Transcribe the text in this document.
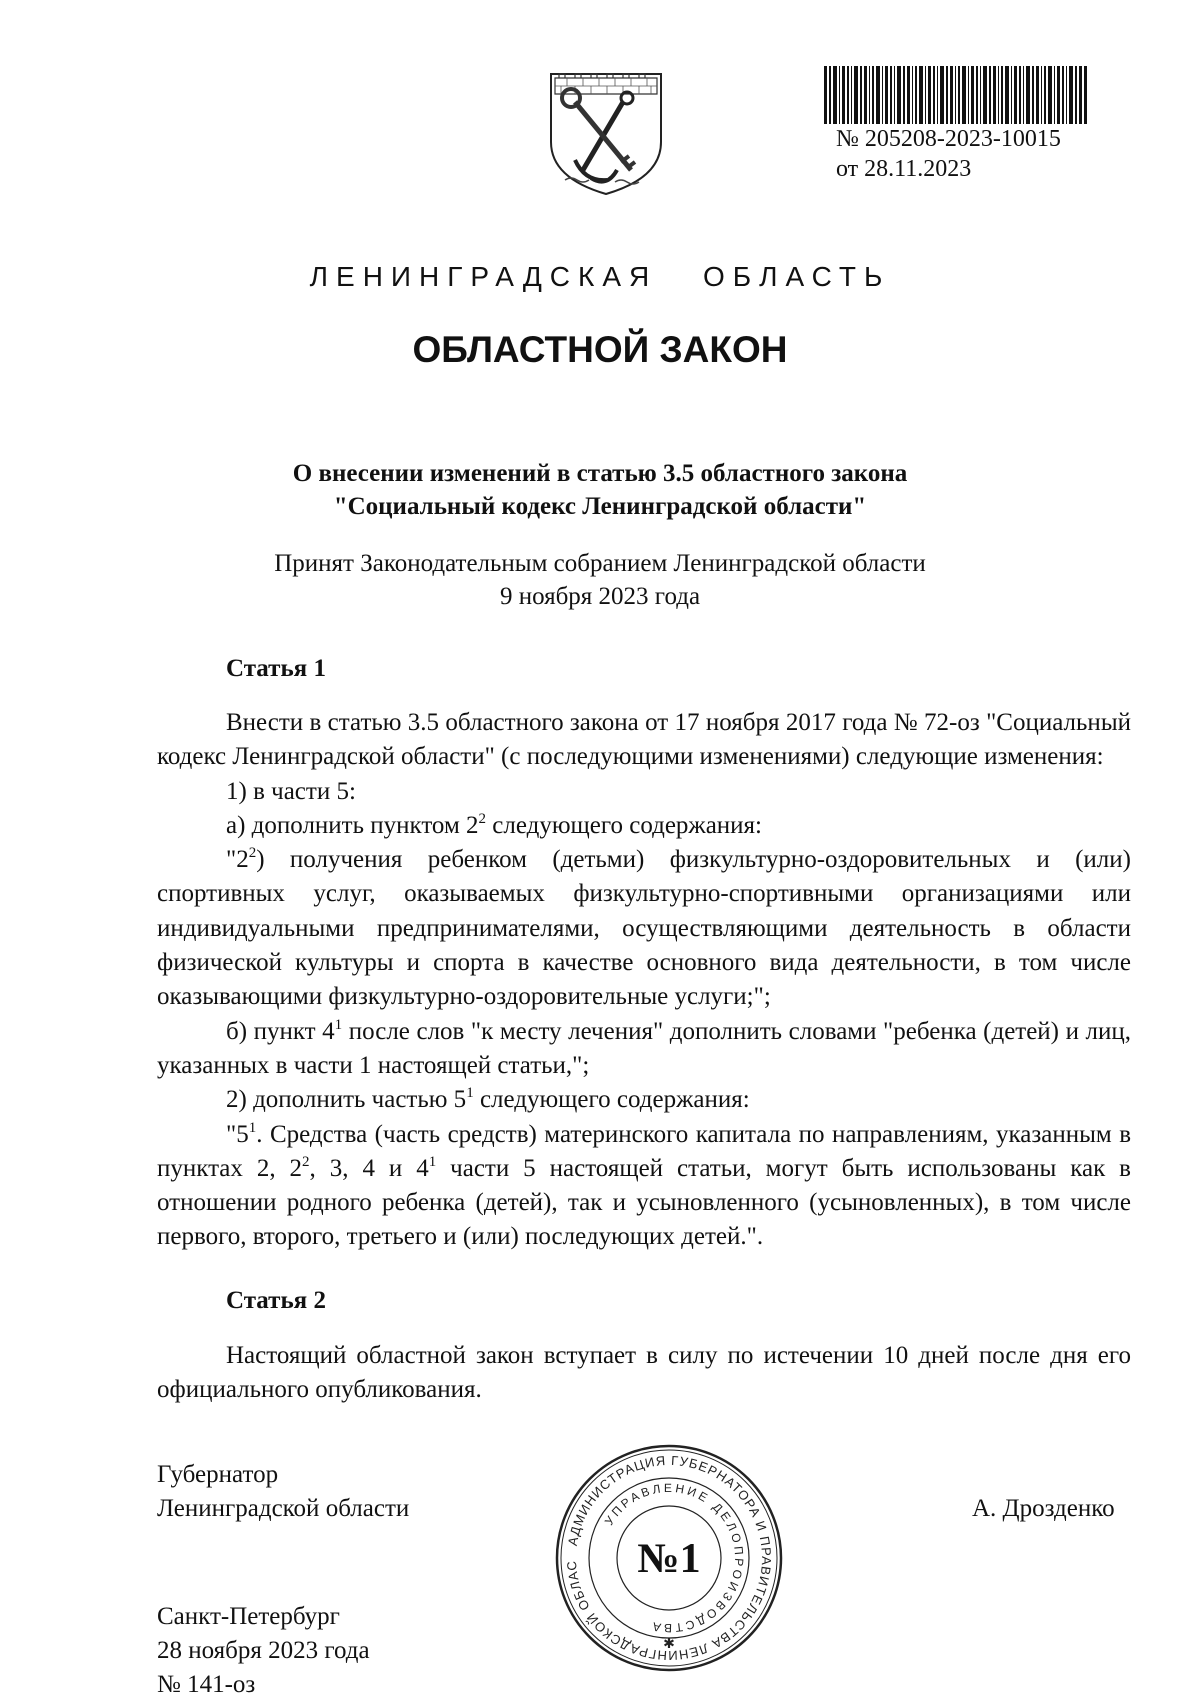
№ 205208-2023-10015
от 28.11.2023
ЛЕНИНГРАДСКАЯ ОБЛАСТЬ
ОБЛАСТНОЙ ЗАКОН
О внесении изменений в статью 3.5 областного закона
"Социальный кодекс Ленинградской области"
Принят Законодательным собранием Ленинградской области
9 ноября 2023 года
Статья 1

Внести в статью 3.5 областного закона от 17 ноября 2017 года № 72-оз "Социальный кодекс Ленинградской области" (с последующими изменениями) следующие изменения:

1) в части 5:

а) дополнить пунктом $2^2$ следующего содержания:

"$2^2$) получения ребенком (детьми) физкультурно-оздоровительных и (или) спортивных услуг, оказываемых физкультурно-спортивными организациями или индивидуальными предпринимателями, осуществляющими деятельность в области физической культуры и спорта в качестве основного вида деятельности, в том числе оказывающими физкультурно-оздоровительные услуги;";

б) пункт $4^1$ после слов "к месту лечения" дополнить словами "ребенка (детей) и лиц, указанных в части 1 настоящей статьи,";

2) дополнить частью $5^1$ следующего содержания:

"$5^1$. Средства (часть средств) материнского капитала по направлениям, указанным в пунктах 2, $2^2$, 3, 4 и $4^1$ части 5 настоящей статьи, могут быть использованы как в отношении родного ребенка (детей), так и усыновленного (усыновленных), в том числе первого, второго, третьего и (или) последующих детей.".

Статья 2

Настоящий областной закон вступает в силу по истечении 10 дней после дня его официального опубликования.

Губернатор
Ленинградской области	А. Дрозденко
Санкт-Петербург
28 ноября 2023 года
№ 141-оз
АДМИНИСТРАЦИЯ ГУБЕРНАТОРА И ПРАВИТЕЛЬСТВА ЛЕНИНГРАДСКОЙ ОБЛАС
УПРАВЛЕНИЕ ДЕЛОПРОИЗВОДСТВА
№1
✱
